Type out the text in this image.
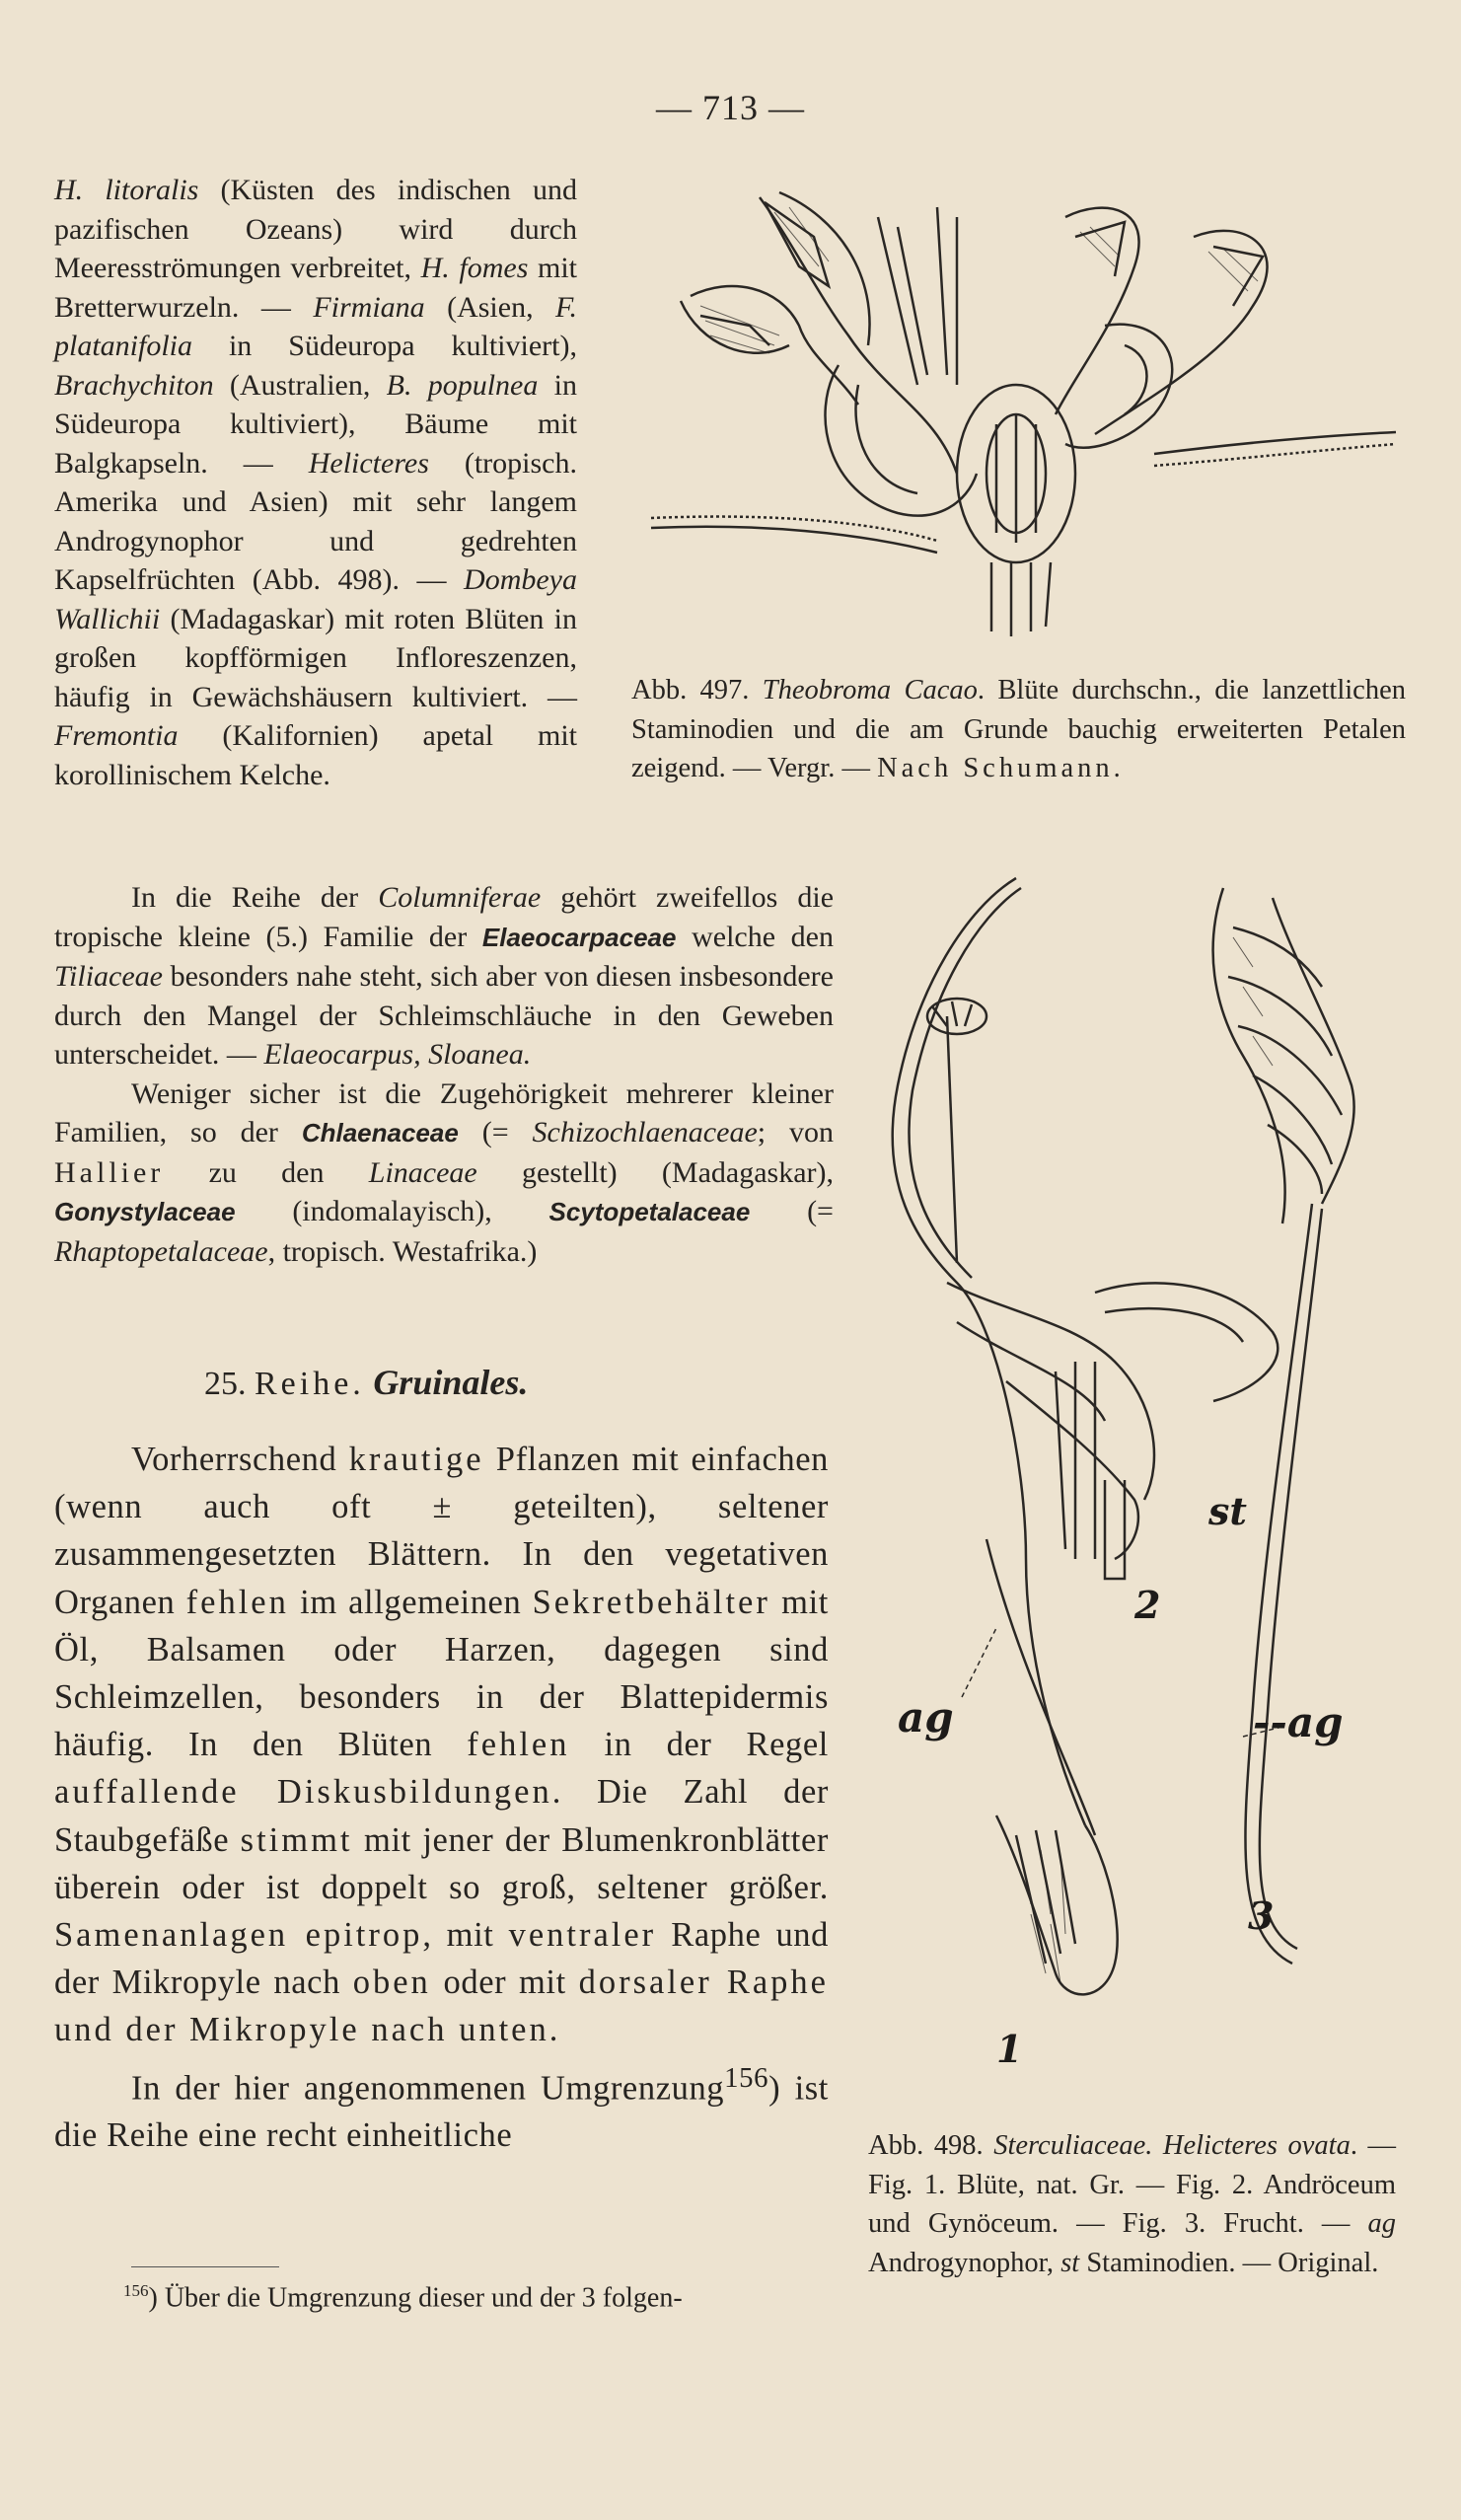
— 713 —

H. litoralis (Küsten des indischen und pazifischen Ozeans) wird durch Meeresströmungen verbreitet, H. fomes mit Bretterwurzeln. — Firmiana (Asien, F. platanifolia in Südeuropa kultiviert), Brachychiton (Australien, B. populnea in Südeuropa kultiviert), Bäume mit Balgkapseln. — Helicteres (tropisch. Amerika und Asien) mit sehr langem Androgynophor und gedrehten Kapselfrüchten (Abb. 498). — Dombeya Wallichii (Madagaskar) mit roten Blüten in großen kopfförmigen Infloreszenzen, häufig in Gewächshäusern kultiviert. — Fremontia (Kalifornien) apetal mit korollinischem Kelche.

In die Reihe der Columniferae gehört zweifellos die tropische kleine (5.) Familie der Elaeocarpaceae welche den Tiliaceae besonders nahe steht, sich aber von diesen insbesondere durch den Mangel der Schleimschläuche in den Geweben unterscheidet. — Elaeocarpus, Sloanea.

Weniger sicher ist die Zugehörigkeit mehrerer kleiner Familien, so der Chlaenaceae (= Schizochlaenaceae; von Hallier zu den Linaceae gestellt) (Madagaskar), Gonystylaceae (indomalayisch), Scytopetalaceae (= Rhaptopetalaceae, tropisch. Westafrika.)

25. Reihe. Gruinales.

Vorherrschend krautige Pflanzen mit einfachen (wenn auch oft ± geteilten), seltener zusammengesetzten Blättern. In den vegetativen Organen fehlen im allgemeinen Sekretbehälter mit Öl, Balsamen oder Harzen, dagegen sind Schleimzellen, besonders in der Blattepidermis häufig. In den Blüten fehlen in der Regel auffallende Diskusbildungen. Die Zahl der Staubgefäße stimmt mit jener der Blumenkronblätter überein oder ist doppelt so groß, seltener größer. Samenanlagen epitrop, mit ventraler Raphe und der Mikropyle nach oben oder mit dorsaler Raphe und der Mikropyle nach unten.

In der hier angenommenen Umgrenzung$^{156}$) ist die Reihe eine recht einheitliche

$^{156}$) Über die Umgrenzung dieser und der 3 folgen-
st
2
ag	--ag
3
1

Abb. 497. Theobroma Cacao. Blüte durchschn., die lanzettlichen Staminodien und die am Grunde bauchig erweiterten Petalen zeigend. — Vergr. — Nach Schumann.

Abb. 498. Sterculiaceae. Helicteres ovata. — Fig. 1. Blüte, nat. Gr. — Fig. 2. Andröceum und Gynöceum. — Fig. 3. Frucht. — ag Androgynophor, st Staminodien. — Original.
